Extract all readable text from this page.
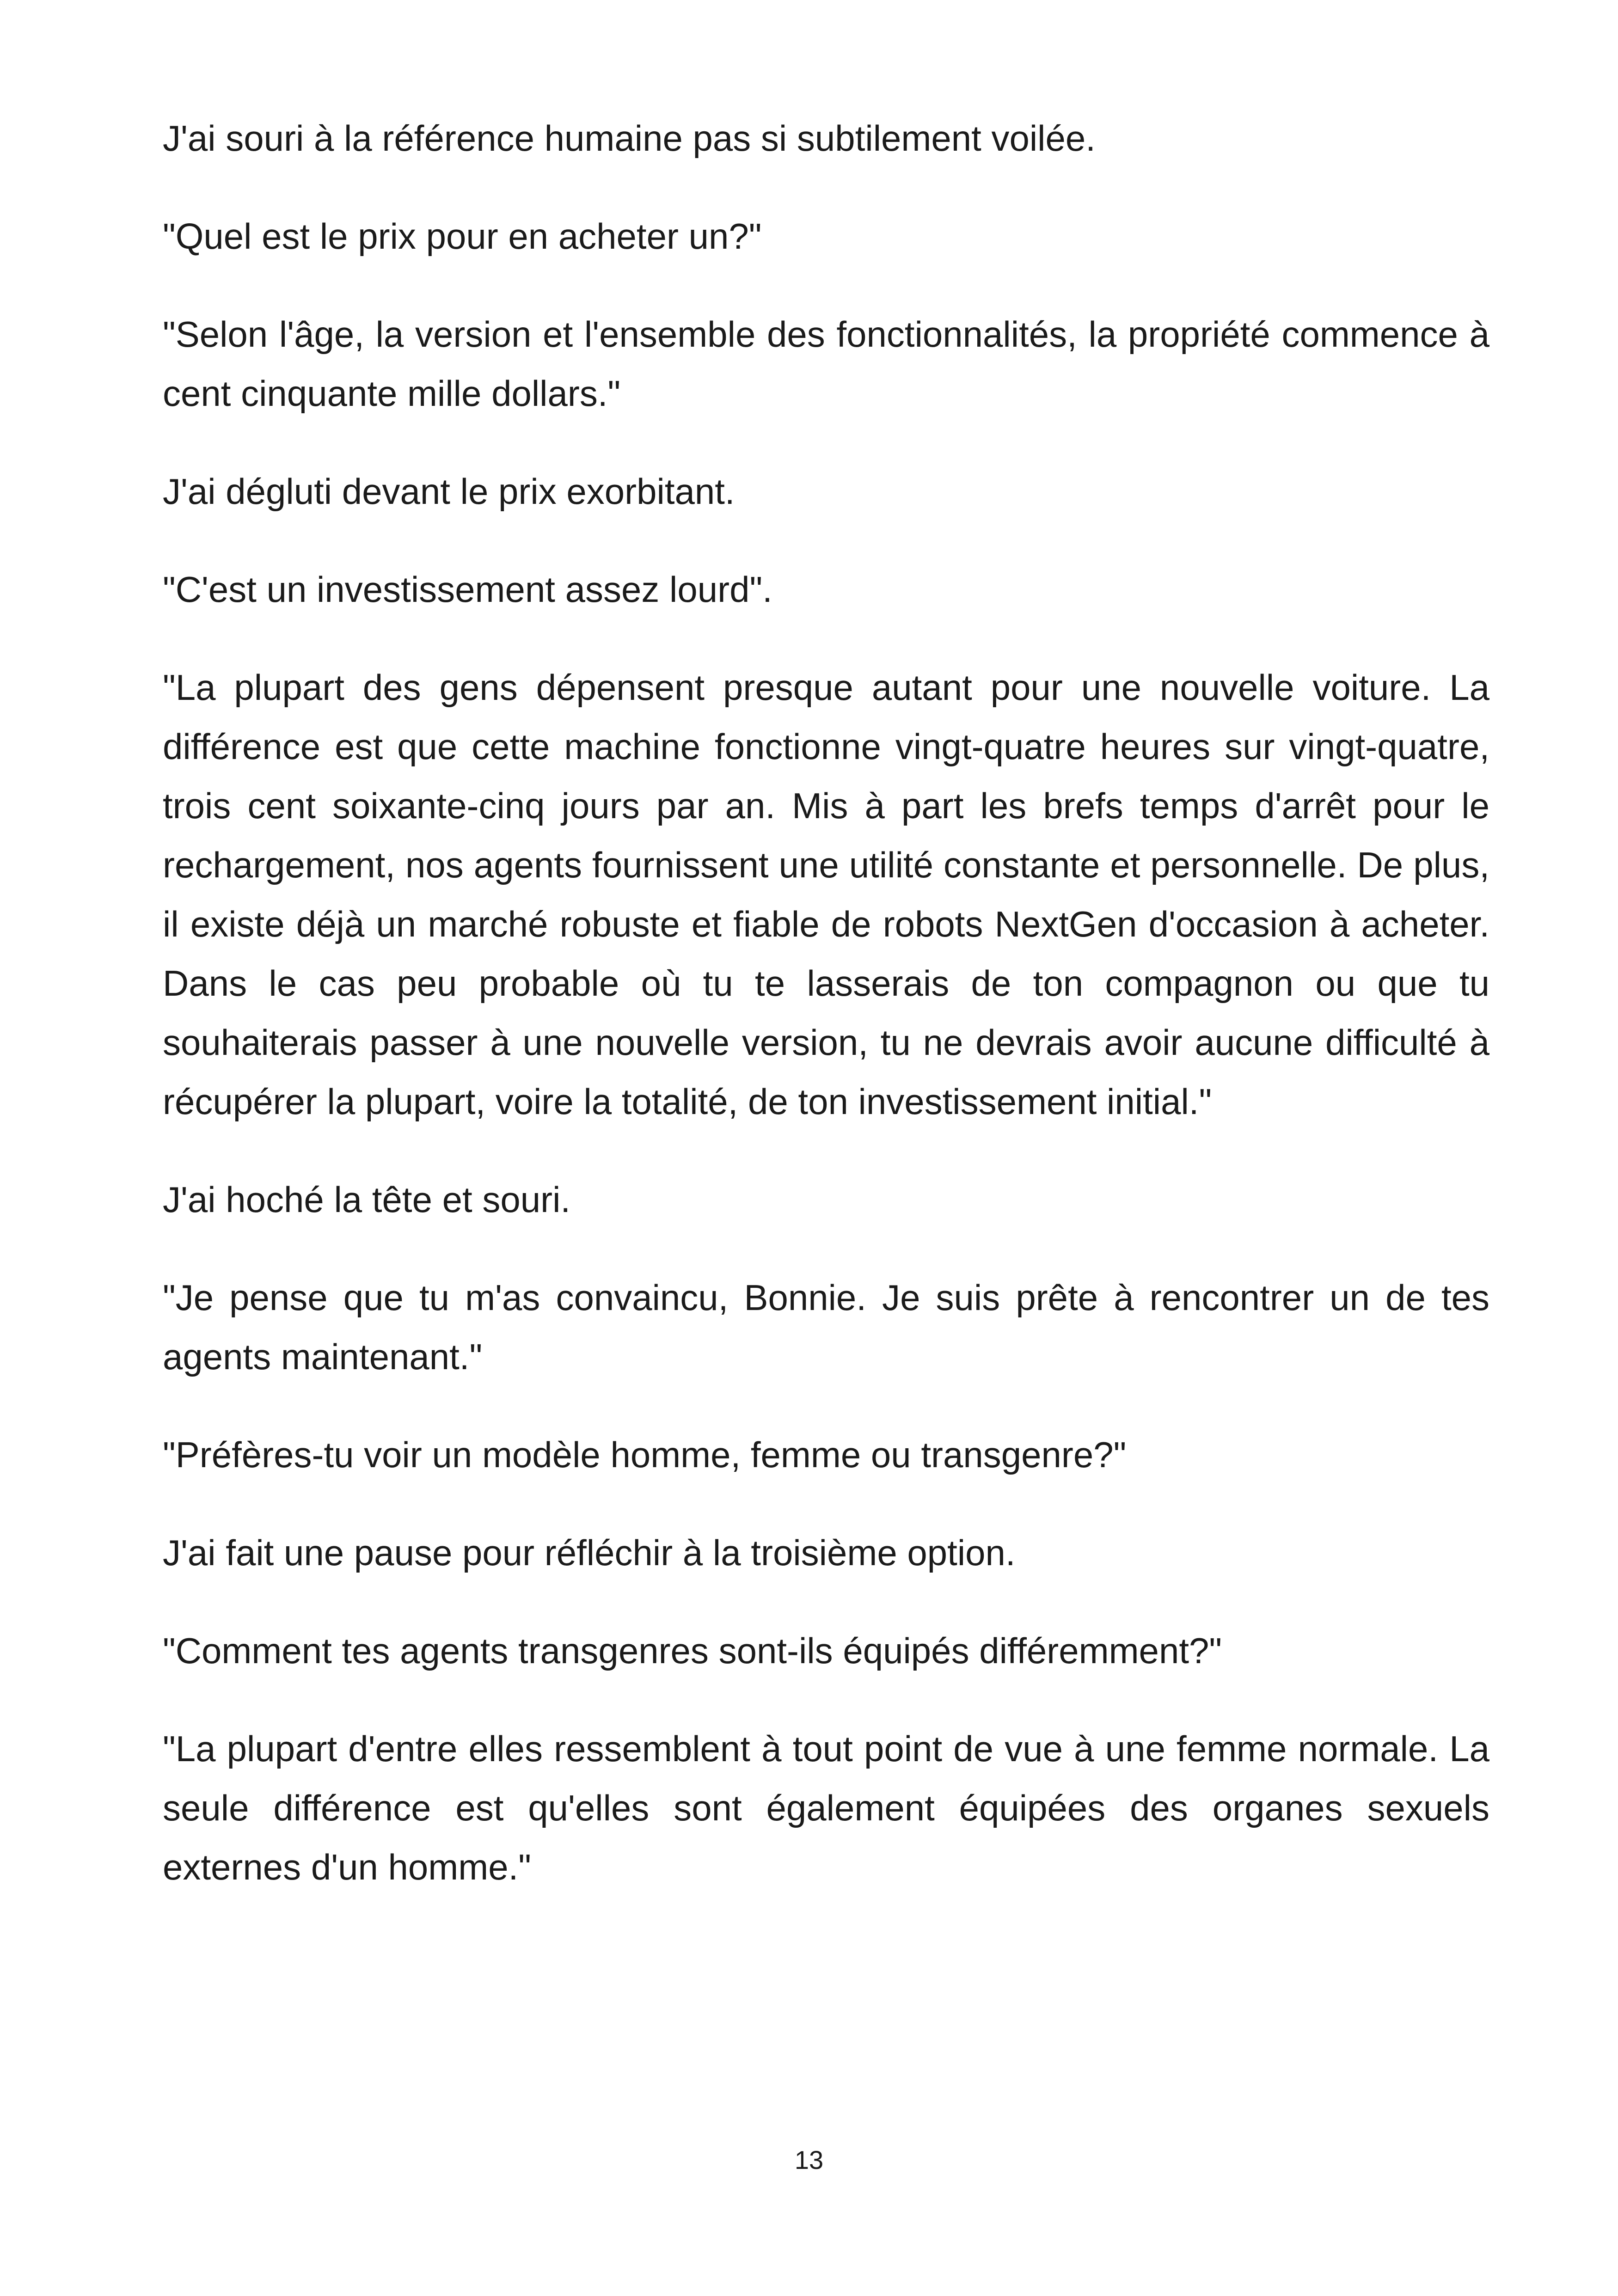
J'ai souri à la référence humaine pas si subtilement voilée.

"Quel est le prix pour en acheter un?"

"Selon l'âge, la version et l'ensemble des fonctionnalités, la propriété commence à cent cinquante mille dollars."

J'ai dégluti devant le prix exorbitant.

"C'est un investissement assez lourd".

"La plupart des gens dépensent presque autant pour une nouvelle voiture. La différence est que cette machine fonctionne vingt-quatre heures sur vingt-quatre, trois cent soixante-cinq jours par an. Mis à part les brefs temps d'arrêt pour le rechargement, nos agents fournissent une utilité constante et personnelle. De plus, il existe déjà un marché robuste et fiable de robots NextGen d'occasion à acheter. Dans le cas peu probable où tu te lasserais de ton compagnon ou que tu souhaiterais passer à une nouvelle version, tu ne devrais avoir aucune difficulté à récupérer la plupart, voire la totalité, de ton investissement initial."

J'ai hoché la tête et souri.

"Je pense que tu m'as convaincu, Bonnie. Je suis prête à rencontrer un de tes agents maintenant."

"Préfères-tu voir un modèle homme, femme ou transgenre?"

J'ai fait une pause pour réfléchir à la troisième option.

"Comment tes agents transgenres sont-ils équipés différemment?"

"La plupart d'entre elles ressemblent à tout point de vue à une femme normale. La seule différence est qu'elles sont également équipées des organes sexuels externes d'un homme."

13
